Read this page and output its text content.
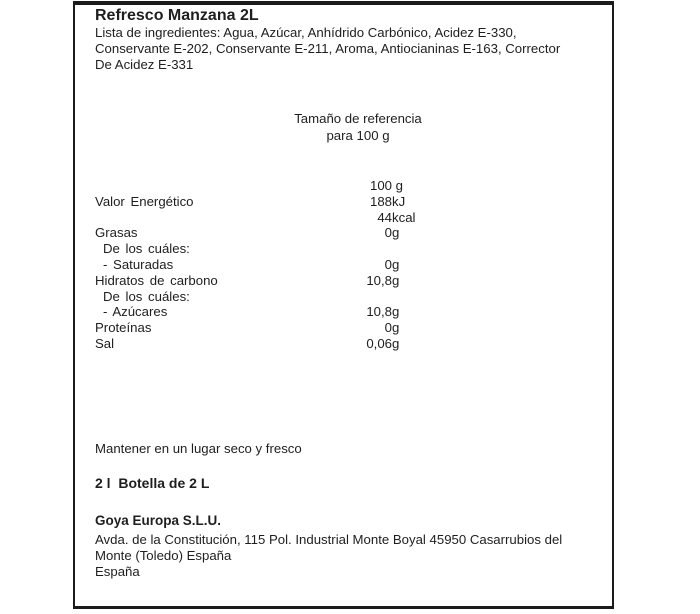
Refresco Manzana 2L
Lista de ingredientes: Agua, Azúcar, Anhídrido Carbónico, Acidez E-330,
Conservante E-202, Conservante E-211, Aroma, Antiocianinas E-163, Corrector
De Acidez E-331
Tamaño de referencia
para 100 g
100 g
Valor Energético	188 kJ
44 kcal
Grasas	0 g
De los cuáles:
- Saturadas	0 g
Hidratos de carbono	10,8 g
De los cuáles:
- Azúcares	10,8 g
Proteínas	0 g
Sal	0,06 g
Mantener en un lugar seco y fresco
2 l  Botella de 2 L
Goya Europa S.L.U.
Avda. de la Constitución, 115 Pol. Industrial Monte Boyal 45950 Casarrubios del
Monte (Toledo) España
España
